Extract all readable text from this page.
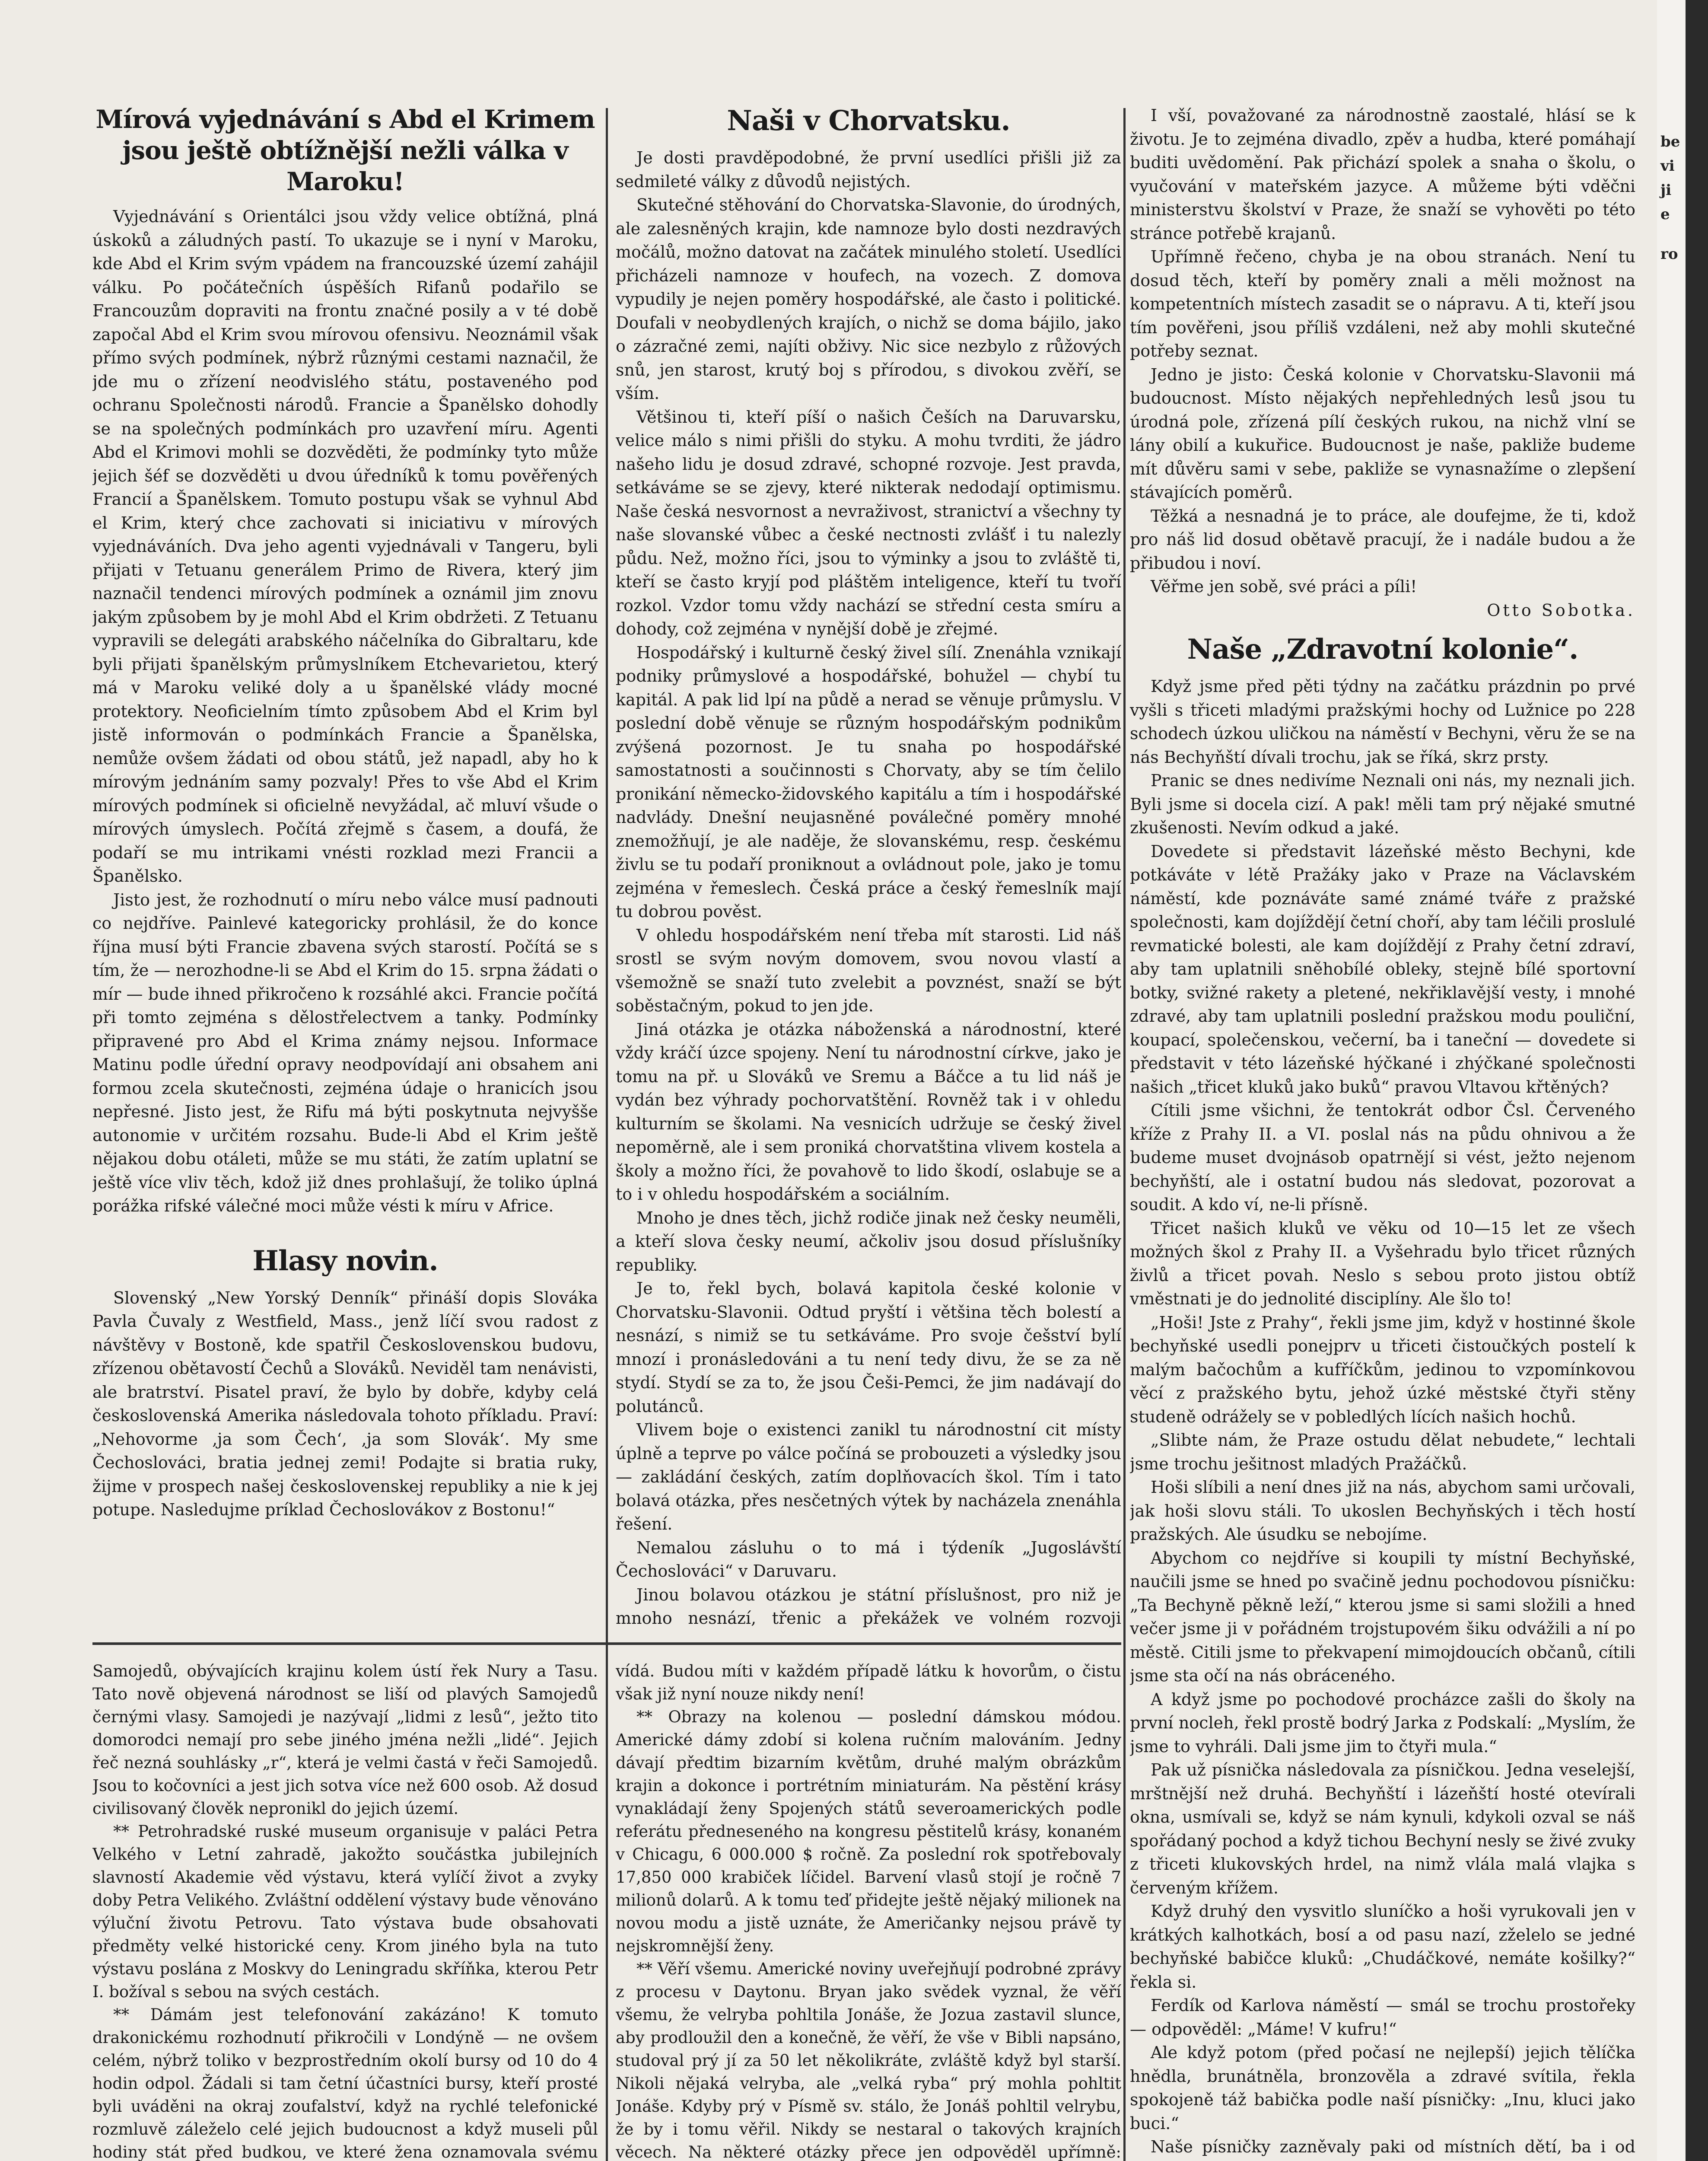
Mírová vyjednávání s Abd el Krimem jsou ještě obtížnější nežli válka v Maroku!

Vyjednávání s Orientálci jsou vždy velice obtížná, plná úskoků a záludných pastí. To ukazuje se i nyní v Maroku, kde Abd el Krim svým vpádem na francouzské území zahájil válku. Po počátečních úspěších Rifanů podařilo se Francouzům dopraviti na frontu značné posily a v té době započal Abd el Krim svou mírovou ofensivu. Neoznámil však přímo svých podmínek, nýbrž různými cestami naznačil, že jde mu o zřízení neodvislého státu, postaveného pod ochranu Společnosti národů. Francie a Španělsko dohodly se na společných podmínkách pro uzavření míru. Agenti Abd el Krimovi mohli se dozvěděti, že podmínky tyto může jejich šéf se dozvěděti u dvou úředníků k tomu pověřených Francií a Španělskem. Tomuto postupu však se vyhnul Abd el Krim, který chce zachovati si iniciativu v mírových vyjednáváních. Dva jeho agenti vyjednávali v Tangeru, byli přijati v Tetuanu generálem Primo de Rivera, který jim naznačil tendenci mírových podmínek a oznámil jim znovu jakým způsobem by je mohl Abd el Krim obdržeti. Z Tetuanu vypravili se delegáti arabského náčelníka do Gibraltaru, kde byli přijati španělským průmyslníkem Etchevarietou, který má v Maroku veliké doly a u španělské vlády mocné protektory. Neoficielním tímto způsobem Abd el Krim byl jistě informován o podmínkách Francie a Španělska, nemůže ovšem žádati od obou států, jež napadl, aby ho k mírovým jednáním samy pozvaly! Přes to vše Abd el Krim mírových podmínek si oficielně nevyžádal, ač mluví všude o mírových úmyslech. Počítá zřejmě s časem, a doufá, že podaří se mu intrikami vnésti rozklad mezi Francii a Španělsko.

Jisto jest, že rozhodnutí o míru nebo válce musí padnouti co nejdříve. Painlevé kategoricky prohlásil, že do konce října musí býti Francie zbavena svých starostí. Počítá se s tím, že — nerozhodne-li se Abd el Krim do 15. srpna žádati o mír — bude ihned přikročeno k rozsáhlé akci. Francie počítá při tomto zejména s dělostřelectvem a tanky. Podmínky připravené pro Abd el Krima známy nejsou. Informace Matinu podle úřední opravy neodpovídají ani obsahem ani formou zcela skutečnosti, zejména údaje o hranicích jsou nepřesné. Jisto jest, že Rifu má býti poskytnuta nejvyšše autonomie v určitém rozsahu. Bude-li Abd el Krim ještě nějakou dobu otáleti, může se mu státi, že zatím uplatní se ještě více vliv těch, kdož již dnes prohlašují, že toliko úplná porážka rifské válečné moci může vésti k míru v Africe.

Hlasy novin.

Slovenský „New Yorský Denník“ přináší dopis Slováka Pavla Čuvaly z Westfield, Mass., jenž líčí svou radost z návštěvy v Bostoně, kde spatřil Československou budovu, zřízenou obětavostí Čechů a Slováků. Neviděl tam nenávisti, ale bratrství. Pisatel praví, že bylo by dobře, kdyby celá československá Amerika následovala tohoto příkladu. Praví: „Nehovorme ‚ja som Čech‘, ‚ja som Slovák‘. My sme Čechoslováci, bratia jednej zemi! Podajte si bratia ruky, žijme v prospech našej československej republiky a nie k jej potupe. Nasledujme príklad Čechoslovákov z Bostonu!“

Naši v Chorvatsku.

Je dosti pravděpodobné, že první usedlíci přišli již za sedmileté války z důvodů nejistých.

Skutečné stěhování do Chorvatska-Slavonie, do úrodných, ale zalesněných krajin, kde namnoze bylo dosti nezdravých močálů, možno datovat na začátek minulého století. Usedlíci přicházeli namnoze v houfech, na vozech. Z domova vypudily je nejen poměry hospodářské, ale často i politické. Doufali v neobydlených krajích, o nichž se doma bájilo, jako o zázračné zemi, najíti obživy. Nic sice nezbylo z růžových snů, jen starost, krutý boj s přírodou, s divokou zvěří, se vším.

Většinou ti, kteří píší o našich Češích na Daruvarsku, velice málo s nimi přišli do styku. A mohu tvrditi, že jádro našeho lidu je dosud zdravé, schopné rozvoje. Jest pravda, setkáváme se se zjevy, které nikterak nedodají optimismu. Naše česká nesvornost a nevraživost, stranictví a všechny ty naše slovanské vůbec a české nectnosti zvlášť i tu nalezly půdu. Než, možno říci, jsou to výminky a jsou to zvláště ti, kteří se často kryjí pod pláštěm inteligence, kteří tu tvoří rozkol. Vzdor tomu vždy nachází se střední cesta smíru a dohody, což zejména v nynější době je zřejmé.

Hospodářský i kulturně český živel sílí. Znenáhla vznikají podniky průmyslové a hospodářské, bohužel — chybí tu kapitál. A pak lid lpí na půdě a nerad se věnuje průmyslu. V poslední době věnuje se různým hospodářským podnikům zvýšená pozornost. Je tu snaha po hospodářské samostatnosti a součinnosti s Chorvaty, aby se tím čelilo pronikání německo-židovského kapitálu a tím i hospodářské nadvlády. Dnešní neujasněné poválečné poměry mnohé znemožňují, je ale naděje, že slovanskému, resp. českému živlu se tu podaří proniknout a ovládnout pole, jako je tomu zejména v řemeslech. Česká práce a český řemeslník mají tu dobrou pověst.

V ohledu hospodářském není třeba mít starosti. Lid náš srostl se svým novým domovem, svou novou vlastí a všemožně se snaží tuto zvelebit a povznést, snaží se být soběstačným, pokud to jen jde.

Jiná otázka je otázka náboženská a národnostní, které vždy kráčí úzce spojeny. Není tu národnostní církve, jako je tomu na př. u Slováků ve Sremu a Báčce a tu lid náš je vydán bez výhrady pochorvatštění. Rovněž tak i v ohledu kulturním se školami. Na vesnicích udržuje se český živel nepoměrně, ale i sem proniká chorvatština vlivem kostela a školy a možno říci, že povahově to lido škodí, oslabuje se a to i v ohledu hospodářském a sociálním.

Mnoho je dnes těch, jichž rodiče jinak než česky neuměli, a kteří slova česky neumí, ačkoliv jsou dosud příslušníky republiky.

Je to, řekl bych, bolavá kapitola české kolonie v Chorvatsku-Slavonii. Odtud pryští i většina těch bolestí a nesnází, s nimiž se tu setkáváme. Pro svoje češství bylí mnozí i pronásledováni a tu není tedy divu, že se za ně stydí. Stydí se za to, že jsou Češi-Pemci, že jim nadávají do polutánců.

Vlivem boje o existenci zanikl tu národnostní cit místy úplně a teprve po válce počíná se probouzeti a výsledky jsou — zakládání českých, zatím doplňovacích škol. Tím i tato bolavá otázka, přes nesčetných výtek by nacházela znenáhla řešení.

Nemalou zásluhu o to má i týdeník „Jugoslávští Čechoslováci“ v Daruvaru.

Jinou bolavou otázkou je státní příslušnost, pro niž je mnoho nesnází, třenic a překážek ve volném rozvoji

I vší, považované za národnostně zaostalé, hlásí se k životu. Je to zejména divadlo, zpěv a hudba, které pomáhají buditi uvědomění. Pak přichází spolek a snaha o školu, o vyučování v mateřském jazyce. A můžeme býti vděčni ministerstvu školství v Praze, že snaží se vyhověti po této stránce potřebě krajanů.

Upřímně řečeno, chyba je na obou stranách. Není tu dosud těch, kteří by poměry znali a měli možnost na kompetentních místech zasadit se o nápravu. A ti, kteří jsou tím pověřeni, jsou příliš vzdáleni, než aby mohli skutečné potřeby seznat.

Jedno je jisto: Česká kolonie v Chorvatsku-Slavonii má budoucnost. Místo nějakých nepřehledných lesů jsou tu úrodná pole, zřízená pílí českých rukou, na nichž vlní se lány obilí a kukuřice. Budoucnost je naše, pakliže budeme mít důvěru sami v sebe, pakliže se vynasnažíme o zlepšení stávajících poměrů.

Těžká a nesnadná je to práce, ale doufejme, že ti, kdož pro náš lid dosud obětavě pracují, že i nadále budou a že přibudou i noví.

Věřme jen sobě, své práci a píli!

Otto Sobotka.

Naše „Zdravotní kolonie“.

Když jsme před pěti týdny na začátku prázdnin po prvé vyšli s třiceti mladými pražskými hochy od Lužnice po 228 schodech úzkou uličkou na náměstí v Bechyni, věru že se na nás Bechyňští dívali trochu, jak se říká, skrz prsty.

Pranic se dnes nedivíme Neznali oni nás, my neznali jich. Byli jsme si docela cizí. A pak! měli tam prý nějaké smutné zkušenosti. Nevím odkud a jaké.

Dovedete si představit lázeňské město Bechyni, kde potkáváte v létě Pražáky jako v Praze na Václavském náměstí, kde poznáváte samé známé tváře z pražské společnosti, kam dojíždějí četní choří, aby tam léčili proslulé revmatické bolesti, ale kam dojíždějí z Prahy četní zdraví, aby tam uplatnili sněhobílé obleky, stejně bílé sportovní botky, svižné rakety a pletené, nekřiklavější vesty, i mnohé zdravé, aby tam uplatnili poslední pražskou modu pouliční, koupací, společenskou, večerní, ba i taneční — dovedete si představit v této lázeňské hýčkané i zhýčkané společnosti našich „třicet kluků jako buků“ pravou Vltavou křtěných?

Cítili jsme všichni, že tentokrát odbor Čsl. Červeného kříže z Prahy II. a VI. poslal nás na půdu ohnivou a že budeme muset dvojnásob opatrnějí si vést, ježto nejenom bechyňští, ale i ostatní budou nás sledovat, pozorovat a soudit. A kdo ví, ne-li přísně.

Třicet našich kluků ve věku od 10—15 let ze všech možných škol z Prahy II. a Vyšehradu bylo třicet různých živlů a třicet povah. Neslo s sebou proto jistou obtíž vměstnati je do jednolité disciplíny. Ale šlo to!

„Hoši! Jste z Prahy“, řekli jsme jim, když v hostinné škole bechyňské usedli ponejprv u třiceti čistoučkých postelí k malým bačochům a kufříčkům, jedinou to vzpomínkovou věcí z pražského bytu, jehož úzké městské čtyři stěny studeně odrážely se v pobledlých lících našich hochů.

„Slibte nám, že Praze ostudu dělat nebudete,“ lechtali jsme trochu ješitnost mladých Pražáčků.

Hoši slíbili a není dnes již na nás, abychom sami určovali, jak hoši slovu stáli. To ukoslen Bechyňských i těch hostí pražských. Ale úsudku se nebojíme.

Abychom co nejdříve si koupili ty místní Bechyňské, naučili jsme se hned po svačině jednu pochodovou písničku: „Ta Bechyně pěkně leží,“ kterou jsme si sami složili a hned večer jsme ji v pořádném trojstupovém šiku odvážili a ní po městě. Citili jsme to překvapení mimojdoucích občanů, cítili jsme sta očí na nás obráceného.

A když jsme po pochodové procházce zašli do školy na první nocleh, řekl prostě bodrý Jarka z Podskalí: „Myslím, že jsme to vyhráli. Dali jsme jim to čtyři mula.“

Pak už písnička následovala za písničkou. Jedna veselejší, mrštnější než druhá. Bechyňští i lázeňští hosté otevírali okna, usmívali se, když se nám kynuli, kdykoli ozval se náš spořádaný pochod a když tichou Bechyní nesly se živé zvuky z třiceti klukovských hrdel, na nimž vlála malá vlajka s červeným křížem.

Když druhý den vysvitlo sluníčko a hoši vyrukovali jen v krátkých kalhotkách, bosí a od pasu nazí, zželelo se jedné bechyňské babičce kluků: „Chudáčkové, nemáte košilky?“ řekla si.

Ferdík od Karlova náměstí — smál se trochu prostořeky — odpověděl: „Máme! V kufru!“

Ale když potom (před počasí ne nejlepší) jejich tělíčka hnědla, brunátněla, bronzověla a zdravé svítila, řekla spokojeně táž babička podle naší písničky: „Inu, kluci jako buci.“

Naše písničky zazněvaly paki od místních dětí, ba i od

Samojedů, obývajících krajinu kolem ústí řek Nury a Tasu. Tato nově objevená národnost se liší od plavých Samojedů černými vlasy. Samojedi je nazývají „lidmi z lesů“, ježto tito domorodci nemají pro sebe jiného jména nežli „lidé“. Jejich řeč nezná souhlásky „r“, která je velmi častá v řeči Samojedů. Jsou to kočovníci a jest jich sotva více než 600 osob. Až dosud civilisovaný člověk nepronikl do jejich území.

** Petrohradské ruské museum organisuje v paláci Petra Velkého v Letní zahradě, jakožto součástka jubilejních slavností Akademie věd výstavu, která vylíčí život a zvyky doby Petra Velikého. Zvláštní oddělení výstavy bude věnováno výluční životu Petrovu. Tato výstava bude obsahovati předměty velké historické ceny. Krom jiného byla na tuto výstavu poslána z Moskvy do Leningradu skříňka, kterou Petr I. božíval s sebou na svých cestách.

** Dámám jest telefonování zakázáno! K tomuto drakonickému rozhodnutí přikročili v Londýně — ne ovšem celém, nýbrž toliko v bezprostředním okolí bursy od 10 do 4 hodin odpol. Žádali si tam četní účastníci bursy, kteří prosté byli uváděni na okraj zoufalství, když na rychlé telefonické rozmluvě záleželo celé jejich budoucnost a když museli půl hodiny stát před budkou, ve které žena oznamovala svému

vídá. Budou míti v každém případě látku k hovorům, o čistu však již nyní nouze nikdy není!

** Obrazy na kolenou — poslední dámskou módou. Americké dámy zdobí si kolena ručním malováním. Jedny dávají předtim bizarním květům, druhé malým obrázkům krajin a dokonce i portrétním miniaturám. Na pěstění krásy vynakládají ženy Spojených států severoamerických podle referátu předneseného na kongresu pěstitelů krásy, konaném v Chicagu, 6 000.000 $ ročně. Za poslední rok spotřebovaly 17,850 000 krabiček líčidel. Barvení vlasů stojí je ročně 7 milionů dolarů. A k tomu teď přidejte ještě nějaký milionek na novou modu a jistě uznáte, že Američanky nejsou právě ty nejskromnější ženy.

** Věří všemu. Americké noviny uveřejňují podrobné zprávy z procesu v Daytonu. Bryan jako svědek vyznal, že věří všemu, že velryba pohltila Jonáše, že Jozua zastavil slunce, aby prodloužil den a konečně, že věří, že vše v Bibli napsáno, studoval prý jí za 50 let několikráte, zvláště když byl starší. Nikoli nějaká velryba, ale „velká ryba“ prý mohla pohltit Jonáše. Kdyby prý v Písmě sv. stálo, že Jonáš pohltil velrybu, že by i tomu věřil. Nikdy se nestaral o takových krajních věcech. Na některé otázky přece jen odpověděl upřímně:

be
vi
ji
e
ro
